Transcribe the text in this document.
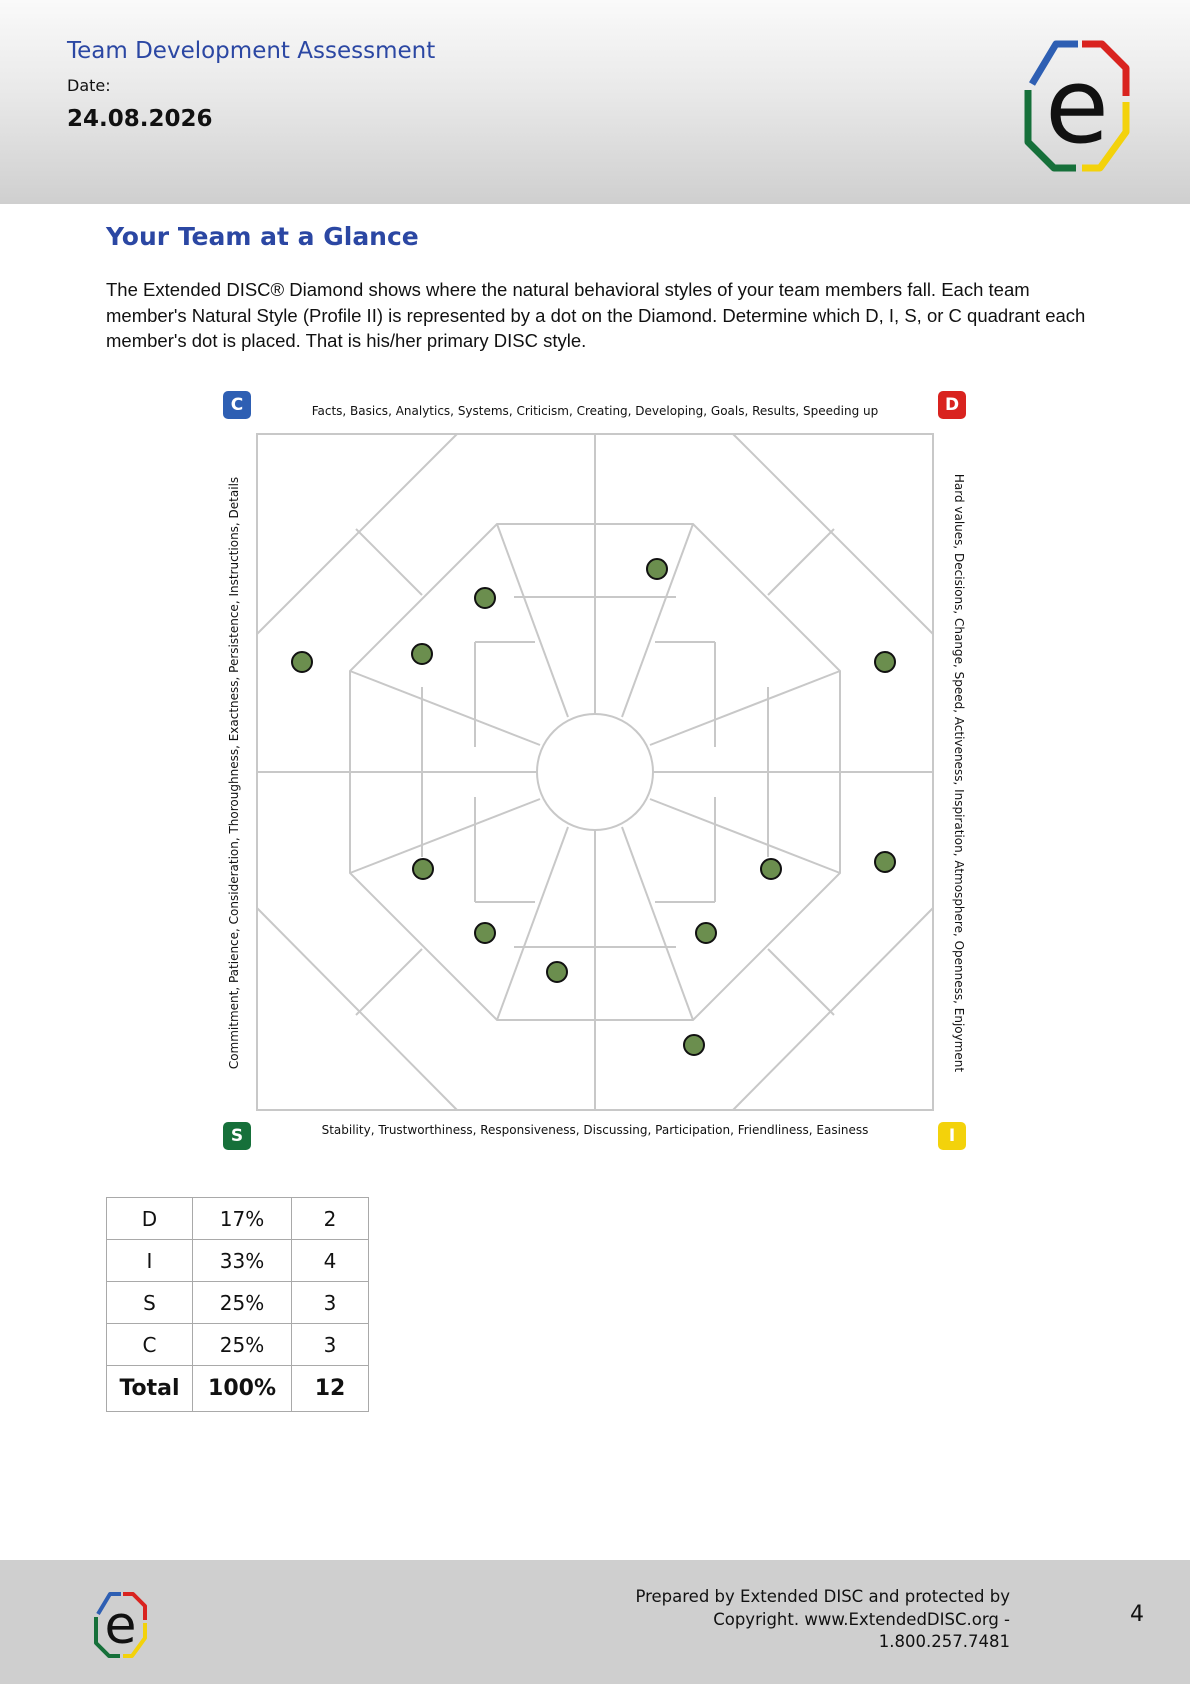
Team Development Assessment
Date:
24.08.2026	e
Your Team at a Glance
The Extended DISC® Diamond shows where the natural behavioral styles of your team members fall. Each team member's Natural Style (Profile II) is represented by a dot on the Diamond. Determine which D, I, S, or C quadrant each member's dot is placed. That is his/her primary DISC style.
C	D
S	I
Facts, Basics, Analytics, Systems, Criticism, Creating, Developing, Goals, Results, Speeding up
Stability, Trustworthiness, Responsiveness, Discussing, Participation, Friendliness, Easiness
Commitment, Patience, Consideration, Thoroughness, Exactness, Persistence, Instructions, Details	Hard values, Decisions, Change, Speed, Activeness, Inspiration, Atmosphere, Openness, Enjoyment
D	17%	2
I	33%	4
S	25%	3
C	25%	3
Total	100%	12
e	Prepared by Extended DISC and protected by
Copyright. www.ExtendedDISC.org -
1.800.257.7481
4
